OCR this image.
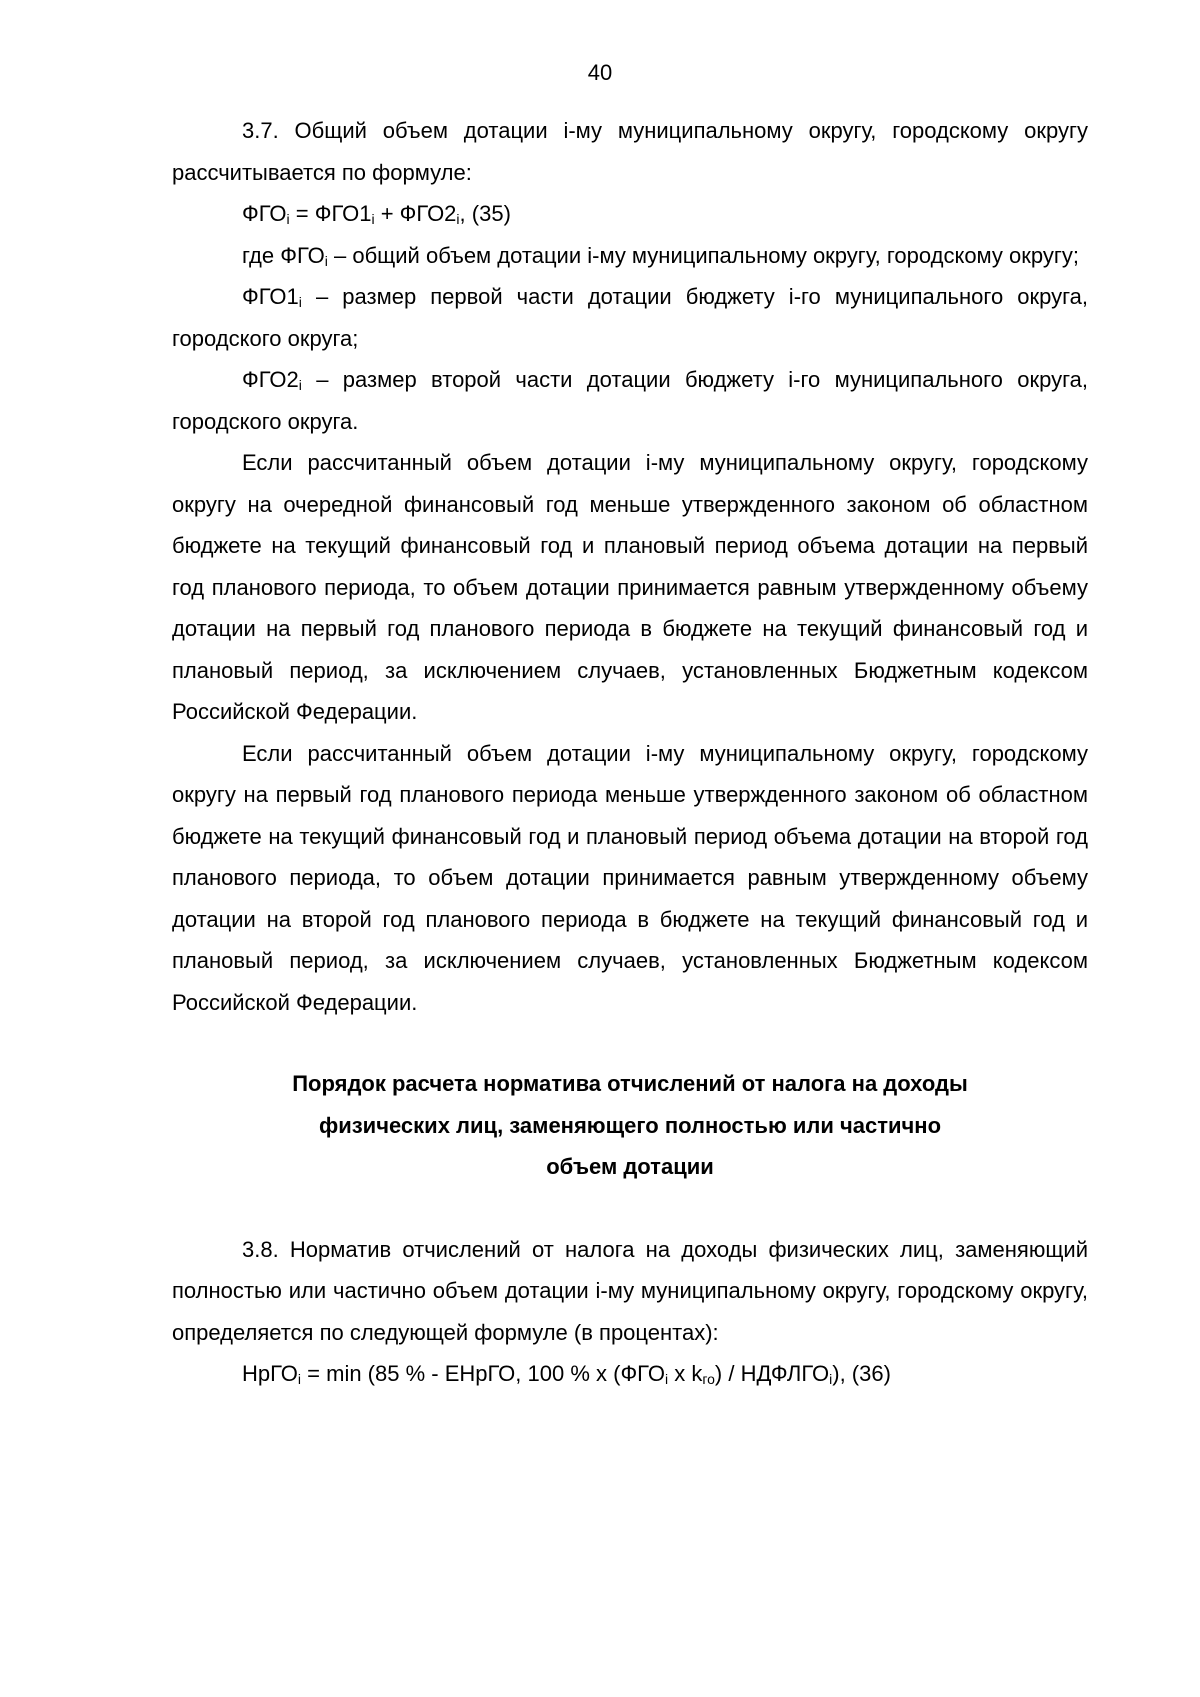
40

3.7. Общий объем дотации i-му муниципальному округу, городскому округу рассчитывается по формуле:

$ФГО_i = ФГО1_i + ФГО2_i$, (35)

где $ФГО_i$ – общий объем дотации i-му муниципальному округу, городскому округу;

$ФГО1_i$ – размер первой части дотации бюджету i-го муниципального округа, городского округа;

$ФГО2_i$ – размер второй части дотации бюджету i-го муниципального округа, городского округа.

Если рассчитанный объем дотации i-му муниципальному округу, городскому округу на очередной финансовый год меньше утвержденного законом об областном бюджете на текущий финансовый год и плановый период объема дотации на первый год планового периода, то объем дотации принимается равным утвержденному объему дотации на первый год планового периода в бюджете на текущий финансовый год и плановый период, за исключением случаев, установленных Бюджетным кодексом Российской Федерации.

Если рассчитанный объем дотации i-му муниципальному округу, городскому округу на первый год планового периода меньше утвержденного законом об областном бюджете на текущий финансовый год и плановый период объема дотации на второй год планового периода, то объем дотации принимается равным утвержденному объему дотации на второй год планового периода в бюджете на текущий финансовый год и плановый период, за исключением случаев, установленных Бюджетным кодексом Российской Федерации.

Порядок расчета норматива отчислений от налога на доходы

физических лиц, заменяющего полностью или частично

объем дотации

3.8. Норматив отчислений от налога на доходы физических лиц, заменяющий полностью или частично объем дотации i-му муниципальному округу, городскому округу, определяется по следующей формуле (в процентах):

НрГО$_i$ = min (85 % - ЕНрГО, 100 % x ($ФГО_i$ x $k_{го}$) / $НДФЛГО_i$), (36)
